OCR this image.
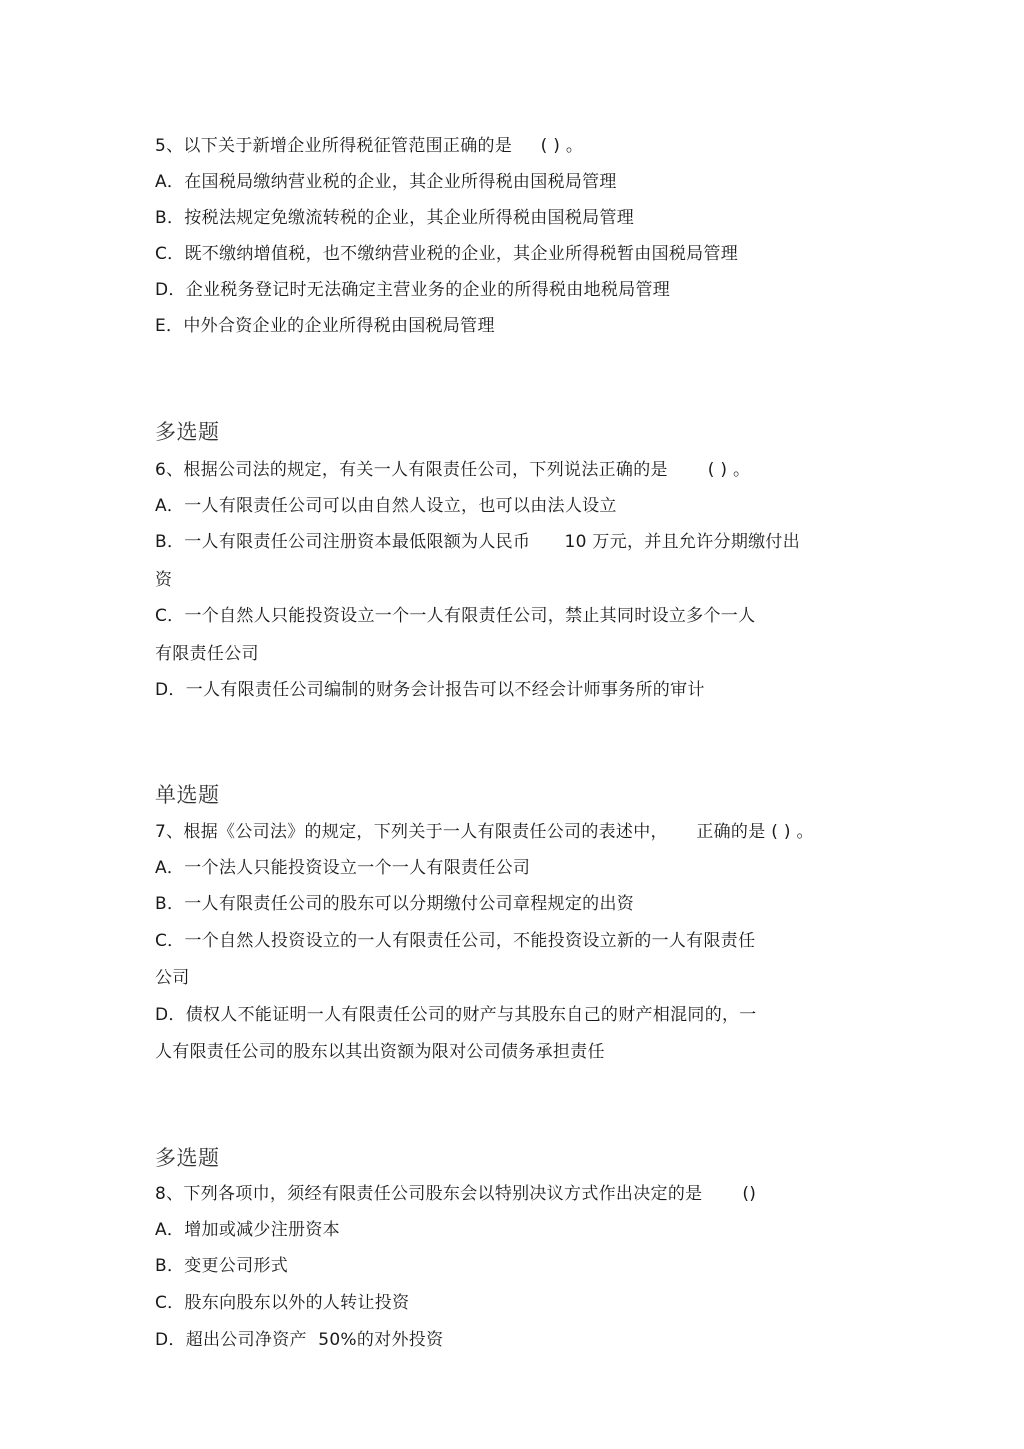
5、以下关于新增企业所得税征管范围正确的是     ( ) 。
A．在国税局缴纳营业税的企业，其企业所得税由国税局管理
B．按税法规定免缴流转税的企业，其企业所得税由国税局管理
C．既不缴纳增值税，也不缴纳营业税的企业，其企业所得税暂由国税局管理
D．企业税务登记时无法确定主营业务的企业的所得税由地税局管理
E．中外合资企业的企业所得税由国税局管理
多选题
6、根据公司法的规定，有关一人有限责任公司，下列说法正确的是       ( ) 。
A．一人有限责任公司可以由自然人设立，也可以由法人设立
B．一人有限责任公司注册资本最低限额为人民币      10 万元，并且允许分期缴付出
资
C．一个自然人只能投资设立一个一人有限责任公司，禁止其同时设立多个一人
有限责任公司
D．一人有限责任公司编制的财务会计报告可以不经会计师事务所的审计
单选题
7、根据《公司法》的规定，下列关于一人有限责任公司的表述中，     正确的是 ( ) 。
A．一个法人只能投资设立一个一人有限责任公司
B．一人有限责任公司的股东可以分期缴付公司章程规定的出资
C．一个自然人投资设立的一人有限责任公司，不能投资设立新的一人有限责任
公司
D．债权人不能证明一人有限责任公司的财产与其股东自己的财产相混同的，一
人有限责任公司的股东以其出资额为限对公司债务承担责任
多选题
8、下列各项巾，须经有限责任公司股东会以特别决议方式作出决定的是       ()
A．增加或减少注册资本
B．变更公司形式
C．股东向股东以外的人转让投资
D．超出公司净资产  50%的对外投资
